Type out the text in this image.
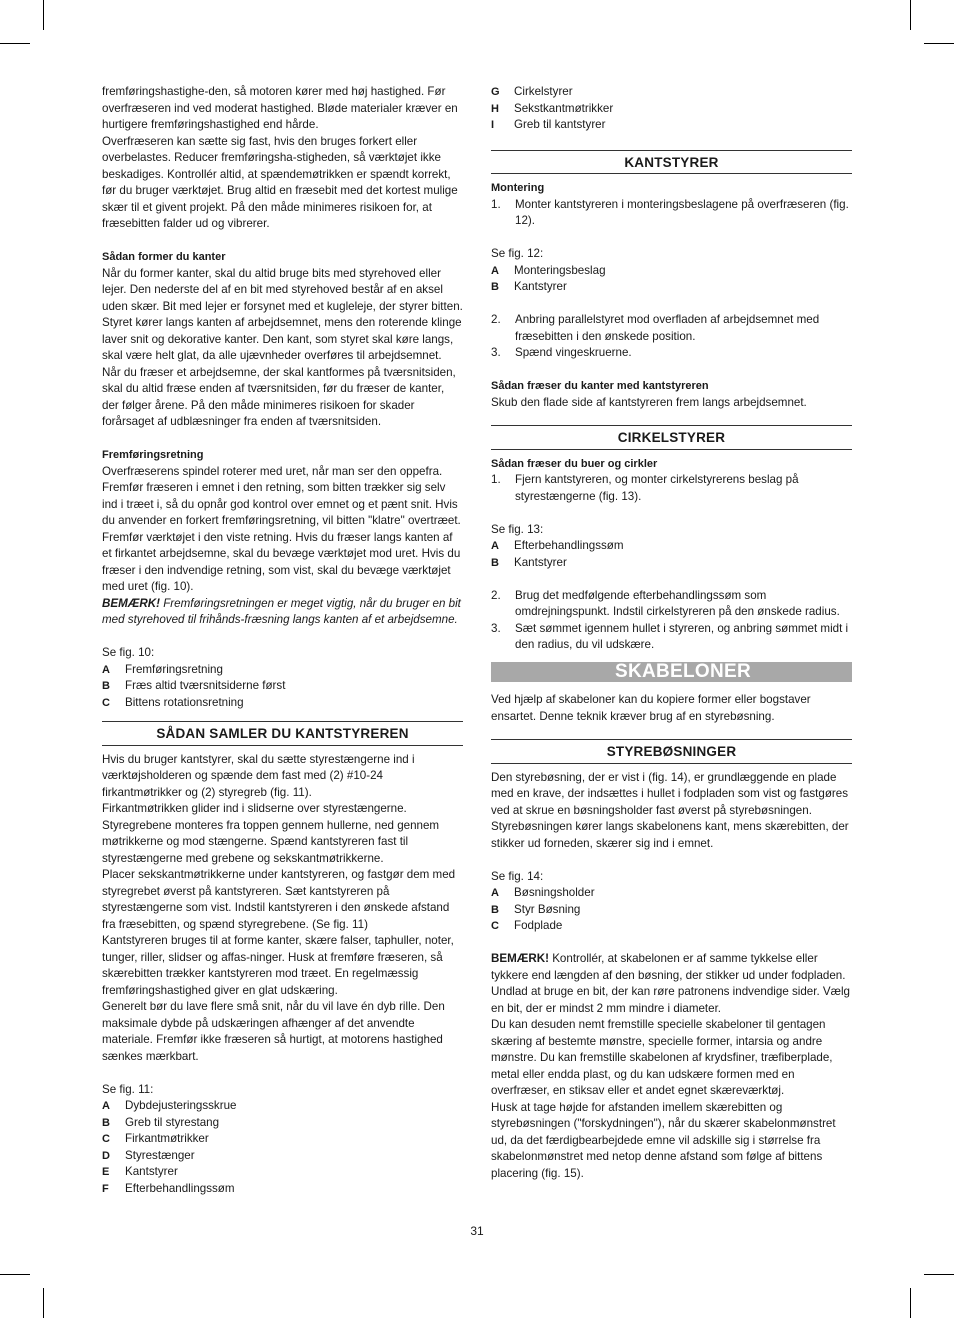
fremføringshastighe-den, så motoren kører med høj hastighed. Før overfræseren ind ved moderat hastighed. Bløde materialer kræver en hurtigere fremføringshastighed end hårde.

Overfræseren kan sætte sig fast, hvis den bruges forkert eller overbelastes. Reducer fremføringsha-stigheden, så værktøjet ikke beskadiges. Kontrollér altid, at spændemøtrikken er spændt korrekt, før du bruger værktøjet. Brug altid en fræsebit med det kortest mulige skær til et givent projekt. På den måde minimeres risikoen for, at fræsebitten falder ud og vibrerer.

Sådan former du kanter

Når du former kanter, skal du altid bruge bits med styrehoved eller lejer. Den nederste del af en bit med styrehoved består af en aksel uden skær. Bit med lejer er forsynet med et kugleleje, der styrer bitten. Styret kører langs kanten af arbejdsemnet, mens den roterende klinge laver snit og dekorative kanter. Den kant, som styret skal køre langs, skal være helt glat, da alle ujævnheder overføres til arbejdsemnet.

Når du fræser et arbejdsemne, der skal kantformes på tværsnitsiden, skal du altid fræse enden af tværsnitsiden, før du fræser de kanter, der følger årene. På den måde minimeres risikoen for skader forårsaget af udblæsninger fra enden af tværsnitsiden.

Fremføringsretning

Overfræserens spindel roterer med uret, når man ser den oppefra. Fremfør fræseren i emnet i den retning, som bitten trækker sig selv ind i træet i, så du opnår god kontrol over emnet og et pænt snit. Hvis du anvender en forkert fremføringsretning, vil bitten "klatre" overtræet. Fremfør værktøjet i den viste retning. Hvis du fræser langs kanten af et firkantet arbejdsemne, skal du bevæge værktøjet mod uret. Hvis du fræser i den indvendige retning, som vist, skal du bevæge værktøjet med uret (fig. 10).

BEMÆRK! Fremføringsretningen er meget vigtig, når du bruger en bit med styrehoved til frihånds-fræsning langs kanten af et arbejdsemne.

Se fig. 10:

A	Fremføringsretning
B	Fræs altid tværsnitsiderne først
C	Bittens rotationsretning
SÅDAN SAMLER DU KANTSTYREREN

Hvis du bruger kantstyrer, skal du sætte styrestængerne ind i værktøjsholderen og spænde dem fast med (2) #10-24 firkantmøtrikker og (2) styregreb (fig. 11).

Firkantmøtrikken glider ind i slidserne over styrestængerne. Styregrebene monteres fra toppen gennem hullerne, ned gennem møtrikkerne og mod stængerne. Spænd kantstyreren fast til styrestængerne med grebene og sekskantmøtrikkerne.

Placer sekskantmøtrikkerne under kantstyreren, og fastgør dem med styregrebet øverst på kantstyreren. Sæt kantstyreren på styrestængerne som vist. Indstil kantstyreren i den ønskede afstand fra fræsebitten, og spænd styregrebene. (Se fig. 11)

Kantstyreren bruges til at forme kanter, skære falser, taphuller, noter, tunger, riller, slidser og affas-ninger. Husk at fremføre fræseren, så skærebitten trækker kantstyreren mod træet. En regelmæssig fremføringshastighed giver en glat udskæring.

Generelt bør du lave flere små snit, når du vil lave én dyb rille. Den maksimale dybde på udskæringen afhænger af det anvendte materiale. Fremfør ikke fræseren så hurtigt, at motorens hastighed sænkes mærkbart.

Se fig. 11:

A	Dybdejusteringsskrue
B	Greb til styrestang
C	Firkantmøtrikker
D	Styrestænger
E	Kantstyrer
F	Efterbehandlingssøm
G	Cirkelstyrer
H	Sekstkantmøtrikker
I	Greb til kantstyrer
KANTSTYRER

Montering

1.	Monter kantstyreren i monteringsbeslagene på overfræseren (fig. 12).

Se fig. 12:

A	Monteringsbeslag
B	Kantstyrer
2.	Anbring parallelstyret mod overfladen af arbejdsemnet med fræsebitten i den ønskede position.
3.	Spænd vingeskruerne.

Sådan fræser du kanter med kantstyreren

Skub den flade side af kantstyreren frem langs arbejdsemnet.

CIRKELSTYRER

Sådan fræser du buer og cirkler

1.	Fjern kantstyreren, og monter cirkelstyrerens beslag på styrestængerne (fig. 13).

Se fig. 13:

A	Efterbehandlingssøm
B	Kantstyrer
2.	Brug det medfølgende efterbehandlingssøm som omdrejningspunkt. Indstil cirkelstyreren på den ønskede radius.
3.	Sæt sømmet igennem hullet i styreren, og anbring sømmet midt i den radius, du vil udskære.
SKABELONER

Ved hjælp af skabeloner kan du kopiere former eller bogstaver ensartet. Denne teknik kræver brug af en styrebøsning.

STYREBØSNINGER

Den styrebøsning, der er vist i (fig. 14), er grundlæggende en plade med en krave, der indsættes i hullet i fodpladen som vist og fastgøres ved at skrue en bøsningsholder fast øverst på styrebøsningen. Styrebøsningen kører langs skabelonens kant, mens skærebitten, der stikker ud forneden, skærer sig ind i emnet.

Se fig. 14:

A	Bøsningsholder
B	Styr Bøsning
C	Fodplade

BEMÆRK! Kontrollér, at skabelonen er af samme tykkelse eller tykkere end længden af den bøsning, der stikker ud under fodpladen.

Undlad at bruge en bit, der kan røre patronens indvendige sider. Vælg en bit, der er mindst 2 mm mindre i diameter.

Du kan desuden nemt fremstille specielle skabeloner til gentagen skæring af bestemte mønstre, specielle former, intarsia og andre mønstre. Du kan fremstille skabelonen af krydsfiner, træfiberplade, metal eller endda plast, og du kan udskære formen med en overfræser, en stiksav eller et andet egnet skæreværktøj.

Husk at tage højde for afstanden imellem skærebitten og styrebøsningen ("forskydningen"), når du skærer skabelonmønstret ud, da det færdigbearbejdede emne vil adskille sig i størrelse fra skabelonmønstret med netop denne afstand som følge af bittens placering (fig. 15).

31
